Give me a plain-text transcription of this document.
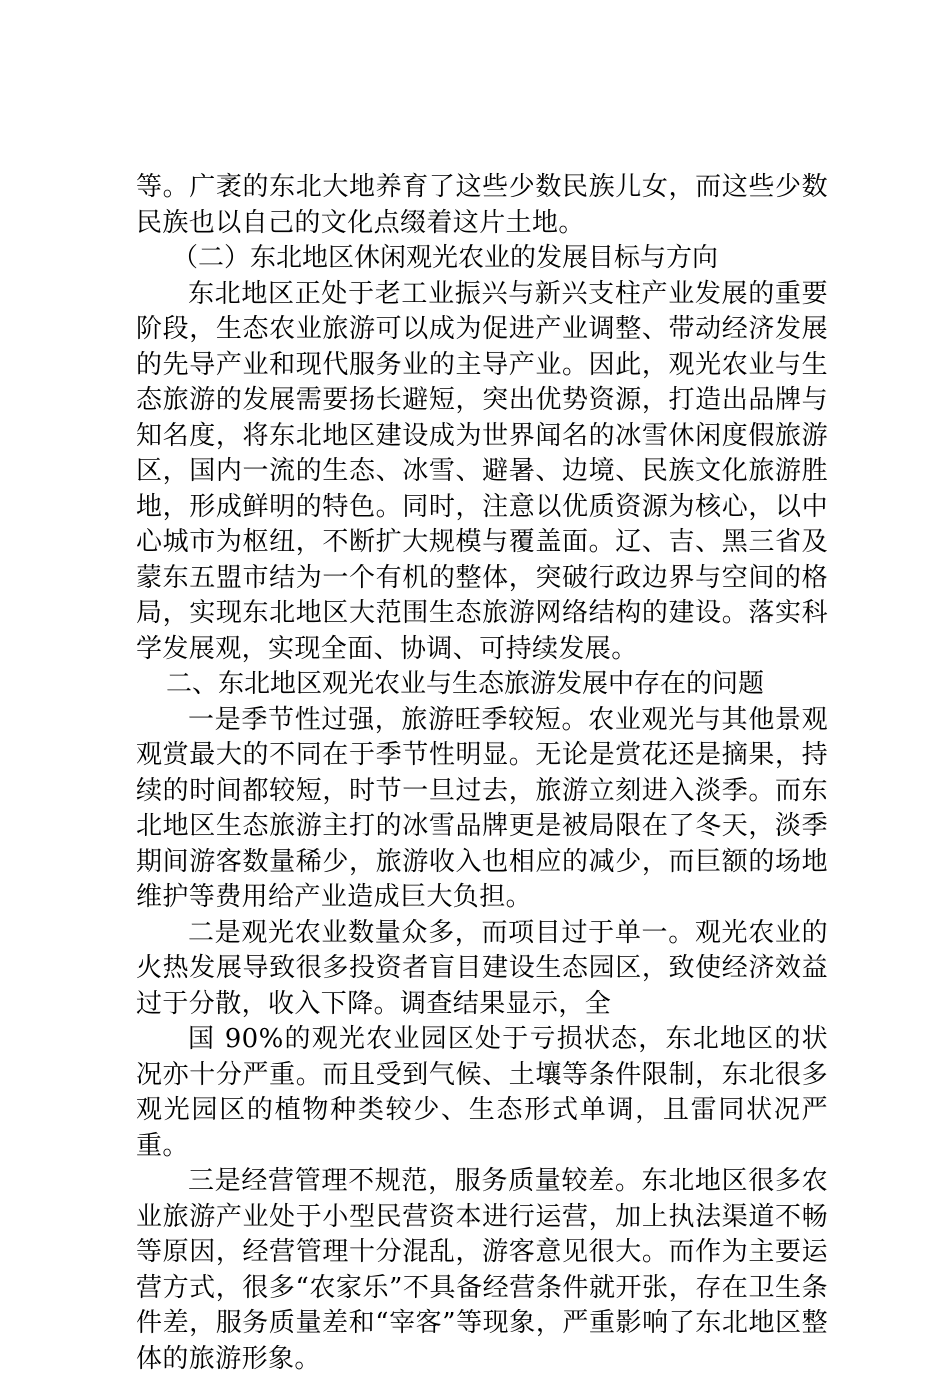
等。广袤的东北大地养育了这些少数民族儿女，而这些少数民族也以自己的文化点缀着这片土地。

（二）东北地区休闲观光农业的发展目标与方向

东北地区正处于老工业振兴与新兴支柱产业发展的重要阶段，生态农业旅游可以成为促进产业调整、带动经济发展的先导产业和现代服务业的主导产业。因此，观光农业与生态旅游的发展需要扬长避短，突出优势资源，打造出品牌与知名度，将东北地区建设成为世界闻名的冰雪休闲度假旅游区，国内一流的生态、冰雪、避暑、边境、民族文化旅游胜地，形成鲜明的特色。同时，注意以优质资源为核心，以中心城市为枢纽，不断扩大规模与覆盖面。辽、吉、黑三省及蒙东五盟市结为一个有机的整体，突破行政边界与空间的格局，实现东北地区大范围生态旅游网络结构的建设。落实科学发展观，实现全面、协调、可持续发展。

二、东北地区观光农业与生态旅游发展中存在的问题

一是季节性过强，旅游旺季较短。农业观光与其他景观观赏最大的不同在于季节性明显。无论是赏花还是摘果，持续的时间都较短，时节一旦过去，旅游立刻进入淡季。而东北地区生态旅游主打的冰雪品牌更是被局限在了冬天，淡季期间游客数量稀少，旅游收入也相应的减少，而巨额的场地维护等费用给产业造成巨大负担。

二是观光农业数量众多，而项目过于单一。观光农业的火热发展导致很多投资者盲目建设生态园区，致使经济效益过于分散，收入下降。调查结果显示，全

国 90%的观光农业园区处于亏损状态，东北地区的状况亦十分严重。而且受到气候、土壤等条件限制，东北很多观光园区的植物种类较少、生态形式单调，且雷同状况严重。

三是经营管理不规范，服务质量较差。东北地区很多农业旅游产业处于小型民营资本进行运营，加上执法渠道不畅等原因，经营管理十分混乱，游客意见很大。而作为主要运营方式，很多“农家乐”不具备经营条件就开张，存在卫生条件差，服务质量差和“宰客”等现象，严重影响了东北地区整体的旅游形象。
